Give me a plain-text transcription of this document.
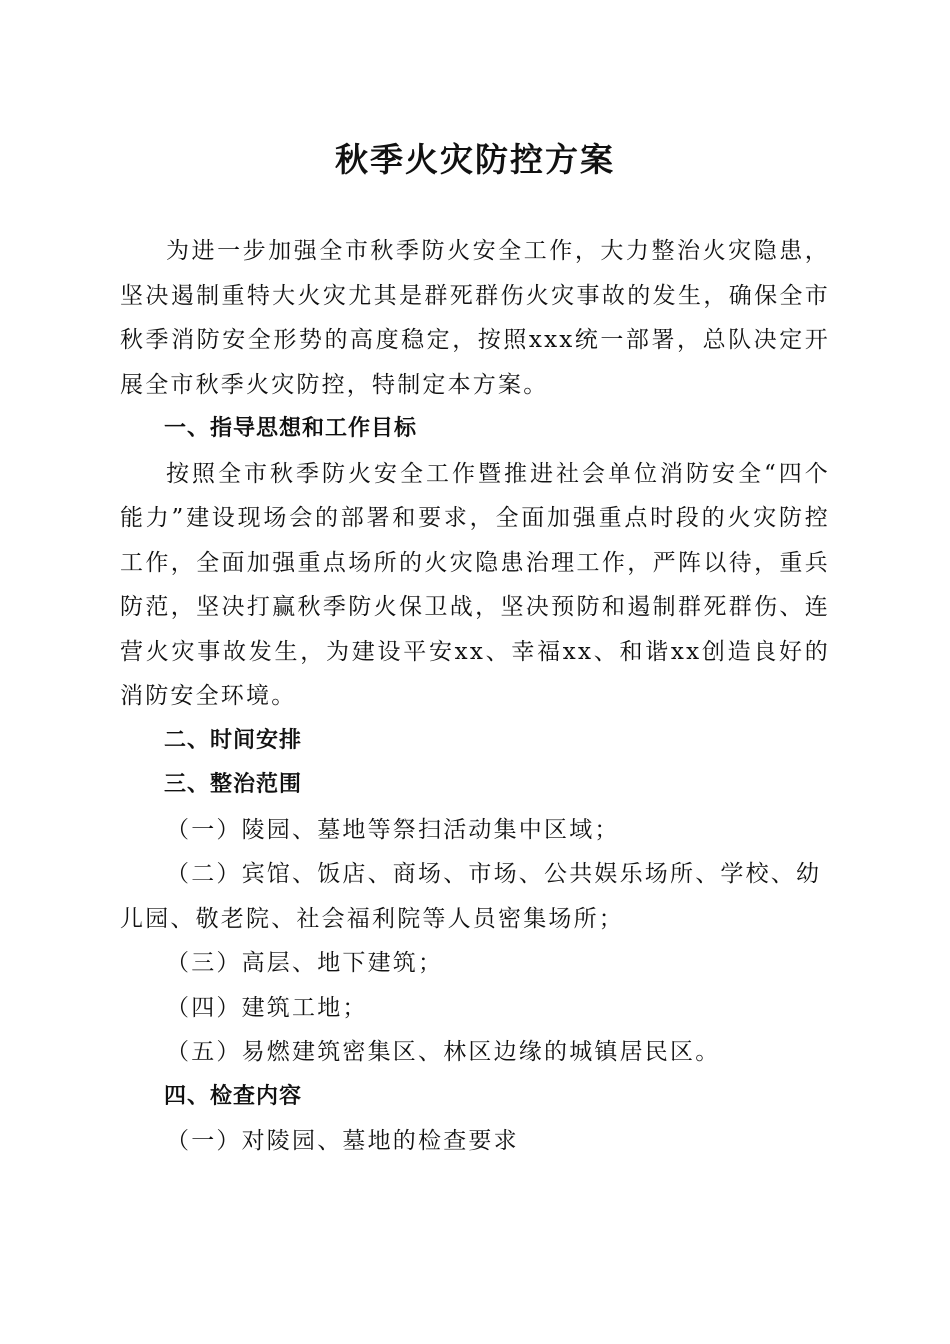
秋季火灾防控方案

为进一步加强全市秋季防火安全工作，大力整治火灾隐患，坚决遏制重特大火灾尤其是群死群伤火灾事故的发生，确保全市秋季消防安全形势的高度稳定，按照xxx统一部署，总队决定开展全市秋季火灾防控，特制定本方案。

一、指导思想和工作目标

按照全市秋季防火安全工作暨推进社会单位消防安全“四个能力”建设现场会的部署和要求，全面加强重点时段的火灾防控工作，全面加强重点场所的火灾隐患治理工作，严阵以待，重兵防范，坚决打赢秋季防火保卫战，坚决预防和遏制群死群伤、连营火灾事故发生，为建设平安xx、幸福xx、和谐xx创造良好的消防安全环境。

二、时间安排

三、整治范围

（一）陵园、墓地等祭扫活动集中区域；

（二）宾馆、饭店、商场、市场、公共娱乐场所、学校、幼儿园、敬老院、社会福利院等人员密集场所；

（三）高层、地下建筑；

（四）建筑工地；

（五）易燃建筑密集区、林区边缘的城镇居民区。

四、检查内容

（一）对陵园、墓地的检查要求
